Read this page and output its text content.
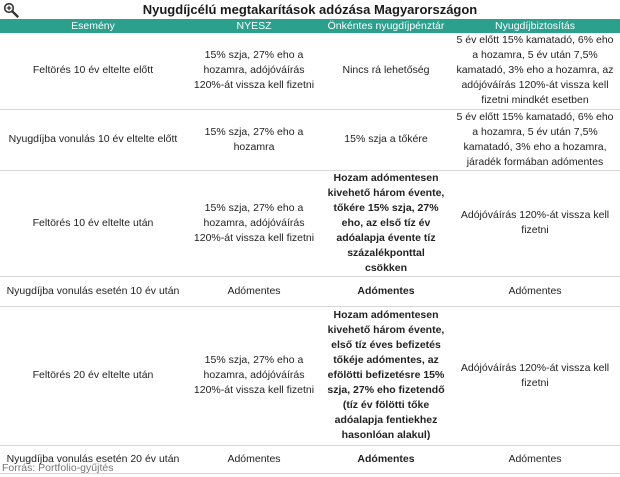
Nyugdíjcélú megtakarítások adózása Magyarországon
Esemény	NYESZ	Önkéntes nyugdíjpénztár	Nyugdíjbiztosítás
Feltörés 10 év eltelte előtt	15% szja, 27% eho a hozamra, adójóváírás 120%-át vissza kell fizetni	Nincs rá lehetőség	5 év előtt 15% kamatadó, 6% eho a hozamra, 5 év után 7,5% kamatadó, 3% eho a hozamra, az adójóváírás 120%-át vissza kell fizetni mindkét esetben
Nyugdíjba vonulás 10 év eltelte előtt	15% szja, 27% eho a hozamra	15% szja a tőkére	5 év előtt 15% kamatadó, 6% eho a hozamra, 5 év után 7,5% kamatadó, 3% eho a hozamra, járadék formában adómentes
Feltörés 10 év eltelte után	15% szja, 27% eho a hozamra, adójóváírás 120%-át vissza kell fizetni	Hozam adómentesen kivehető három évente, tőkére 15% szja, 27% eho, az első tíz év adóalapja évente tíz százalékponttal csökken	Adójóváírás 120%-át vissza kell fizetni
Nyugdíjba vonulás esetén 10 év után	Adómentes	Adómentes	Adómentes
Feltörés 20 év eltelte után	15% szja, 27% eho a hozamra, adójóváírás 120%-át vissza kell fizetni	Hozam adómentesen kivehető három évente, első tíz éves befizetés tőkéje adómentes, az efölötti befizetésre 15% szja, 27% eho fizetendő (tíz év fölötti tőke adóalapja fentiekhez hasonlóan alakul)	Adójóváírás 120%-át vissza kell fizetni
Nyugdíjba vonulás esetén 20 év után	Adómentes	Adómentes	Adómentes
Forrás: Portfolio-gyűjtés
